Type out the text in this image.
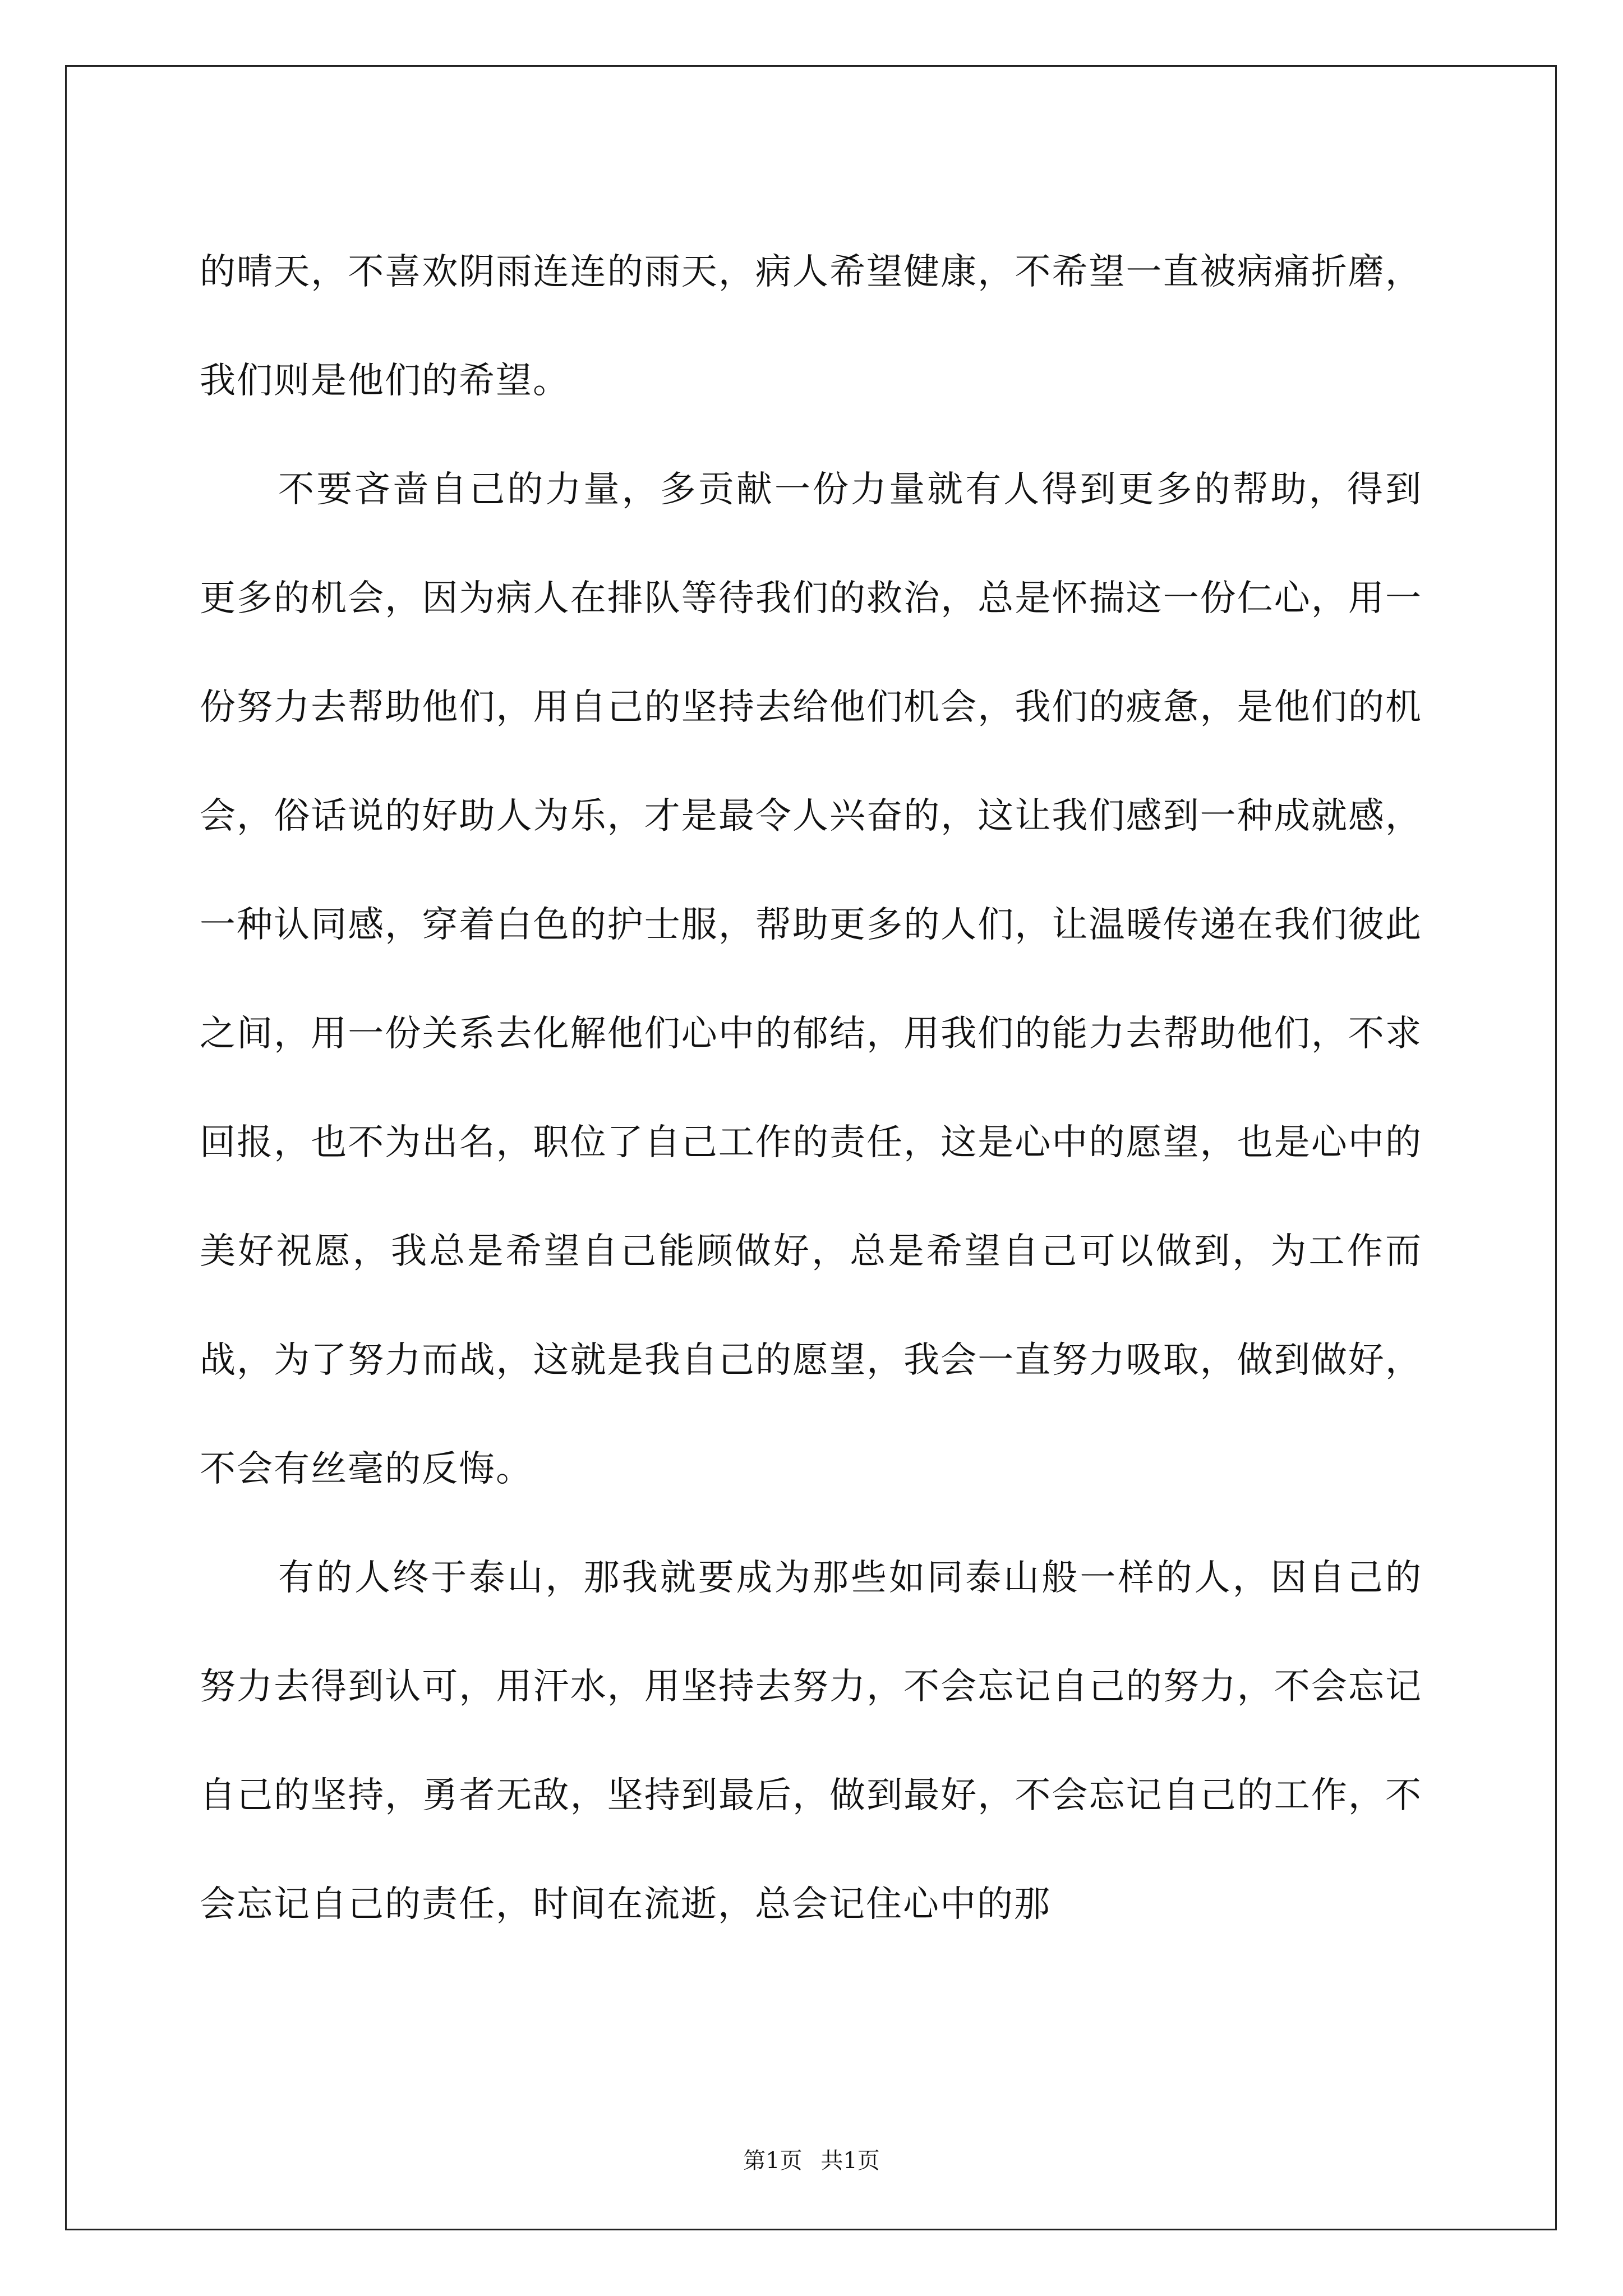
的晴天，不喜欢阴雨连连的雨天，病人希望健康，不希望一直被病痛折磨，我们则是他们的希望。

不要吝啬自己的力量，多贡献一份力量就有人得到更多的帮助，得到更多的机会，因为病人在排队等待我们的救治，总是怀揣这一份仁心，用一份努力去帮助他们，用自己的坚持去给他们机会，我们的疲惫，是他们的机会，俗话说的好助人为乐，才是最令人兴奋的，这让我们感到一种成就感，一种认同感，穿着白色的护士服，帮助更多的人们，让温暖传递在我们彼此之间，用一份关系去化解他们心中的郁结，用我们的能力去帮助他们，不求回报，也不为出名，职位了自己工作的责任，这是心中的愿望，也是心中的美好祝愿，我总是希望自己能顾做好，总是希望自己可以做到，为工作而战，为了努力而战，这就是我自己的愿望，我会一直努力吸取，做到做好，不会有丝毫的反悔。

有的人终于泰山，那我就要成为那些如同泰山般一样的人，因自己的努力去得到认可，用汗水，用坚持去努力，不会忘记自己的努力，不会忘记自己的坚持，勇者无敌，坚持到最后，做到最好，不会忘记自己的工作，不会忘记自己的责任，时间在流逝，总会记住心中的那

第1页 共1页
